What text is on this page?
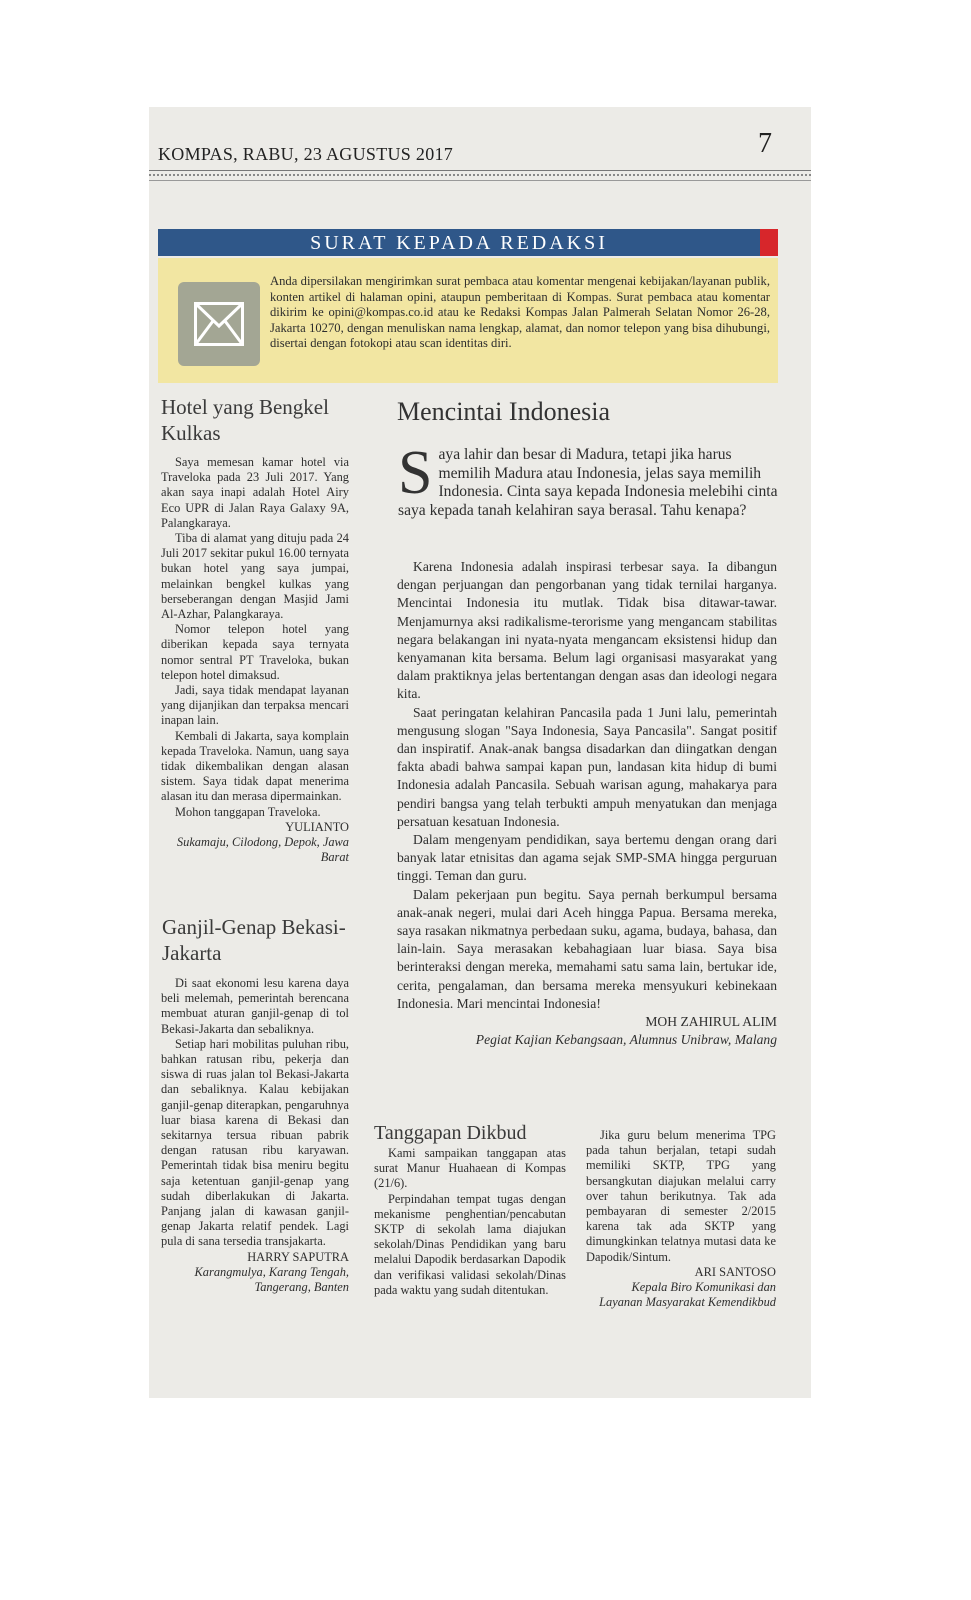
KOMPAS, RABU, 23 AGUSTUS 2017	7
SURAT KEPADA REDAKSI
Anda dipersilakan mengirimkan surat pembaca atau komentar mengenai kebijakan/layanan publik, konten artikel di halaman opini, ataupun pemberitaan di Kompas. Surat pembaca atau komentar dikirim ke opini@kompas.co.id atau ke Redaksi Kompas Jalan Palmerah Selatan Nomor 26-28, Jakarta 10270, dengan menuliskan nama lengkap, alamat, dan nomor telepon yang bisa dihubungi, disertai dengan fotokopi atau scan identitas diri.
Hotel yang Bengkel Kulkas

Saya memesan kamar hotel via Traveloka pada 23 Juli 2017. Yang akan saya inapi adalah Hotel Airy Eco UPR di Jalan Raya Galaxy 9A, Palangkaraya.

Tiba di alamat yang dituju pada 24 Juli 2017 sekitar pukul 16.00 ternyata bukan hotel yang saya jumpai, melainkan bengkel kulkas yang berseberangan dengan Masjid Jami Al-Azhar, Palangkaraya.

Nomor telepon hotel yang diberikan kepada saya ternyata nomor sentral PT Traveloka, bukan telepon hotel dimaksud.

Jadi, saya tidak mendapat layanan yang dijanjikan dan terpaksa mencari inapan lain.

Kembali di Jakarta, saya komplain kepada Traveloka. Namun, uang saya tidak dikembalikan dengan alasan sistem. Saya tidak dapat menerima alasan itu dan merasa dipermainkan.

Mohon tanggapan Traveloka.

YULIANTO

Sukamaju, Cilodong, Depok, Jawa Barat

Ganjil-Genap Bekasi-Jakarta

Di saat ekonomi lesu karena daya beli melemah, pemerintah berencana membuat aturan ganjil-genap di tol Bekasi-Jakarta dan sebaliknya.

Setiap hari mobilitas puluhan ribu, bahkan ratusan ribu, pekerja dan siswa di ruas jalan tol Bekasi-Jakarta dan sebaliknya. Kalau kebijakan ganjil-genap diterapkan, pengaruhnya luar biasa karena di Bekasi dan sekitarnya tersua ribuan pabrik dengan ratusan ribu karyawan. Pemerintah tidak bisa meniru begitu saja ketentuan ganjil-genap yang sudah diberlakukan di Jakarta. Panjang jalan di kawasan ganjil-genap Jakarta relatif pendek. Lagi pula di sana tersedia transjakarta.

HARRY SAPUTRA

Karangmulya, Karang Tengah, Tangerang, Banten

Mencintai Indonesia
Saya lahir dan besar di Madura, tetapi jika harus memilih Madura atau Indonesia, jelas saya memilih Indonesia. Cinta saya kepada Indonesia melebihi cinta saya kepada tanah kelahiran saya berasal. Tahu kenapa?

Karena Indonesia adalah inspirasi terbesar saya. Ia dibangun dengan perjuangan dan pengorbanan yang tidak ternilai harganya. Mencintai Indonesia itu mutlak. Tidak bisa ditawar-tawar. Menjamurnya aksi radikalisme-terorisme yang mengancam stabilitas negara belakangan ini nyata-nyata mengancam eksistensi hidup dan kenyamanan kita bersama. Belum lagi organisasi masyarakat yang dalam praktiknya jelas bertentangan dengan asas dan ideologi negara kita.

Saat peringatan kelahiran Pancasila pada 1 Juni lalu, pemerintah mengusung slogan "Saya Indonesia, Saya Pancasila". Sangat positif dan inspiratif. Anak-anak bangsa disadarkan dan diingatkan dengan fakta abadi bahwa sampai kapan pun, landasan kita hidup di bumi Indonesia adalah Pancasila. Sebuah warisan agung, mahakarya para pendiri bangsa yang telah terbukti ampuh menyatukan dan menjaga persatuan kesatuan Indonesia.

Dalam mengenyam pendidikan, saya bertemu dengan orang dari banyak latar etnisitas dan agama sejak SMP-SMA hingga perguruan tinggi. Teman dan guru.

Dalam pekerjaan pun begitu. Saya pernah berkumpul bersama anak-anak negeri, mulai dari Aceh hingga Papua. Bersama mereka, saya rasakan nikmatnya perbedaan suku, agama, budaya, bahasa, dan lain-lain. Saya merasakan kebahagiaan luar biasa. Saya bisa berinteraksi dengan mereka, memahami satu sama lain, bertukar ide, cerita, pengalaman, dan bersama mereka mensyukuri kebinekaan Indonesia. Mari mencintai Indonesia!

MOH ZAHIRUL ALIM

Pegiat Kajian Kebangsaan, Alumnus Unibraw, Malang

Tanggapan Dikbud

Kami sampaikan tanggapan atas surat Manur Huahaean di Kompas (21/6).

Perpindahan tempat tugas dengan mekanisme penghentian/pencabutan SKTP di sekolah lama diajukan sekolah/Dinas Pendidikan yang baru melalui Dapodik berdasarkan Dapodik dan verifikasi validasi sekolah/Dinas pada waktu yang sudah ditentukan.

Jika guru belum menerima TPG pada tahun berjalan, tetapi sudah memiliki SKTP, TPG yang bersangkutan diajukan melalui carry over tahun berikutnya. Tak ada pembayaran di semester 2/2015 karena tak ada SKTP yang dimungkinkan telatnya mutasi data ke Dapodik/Sintum.

ARI SANTOSO

Kepala Biro Komunikasi dan Layanan Masyarakat Kemendikbud
